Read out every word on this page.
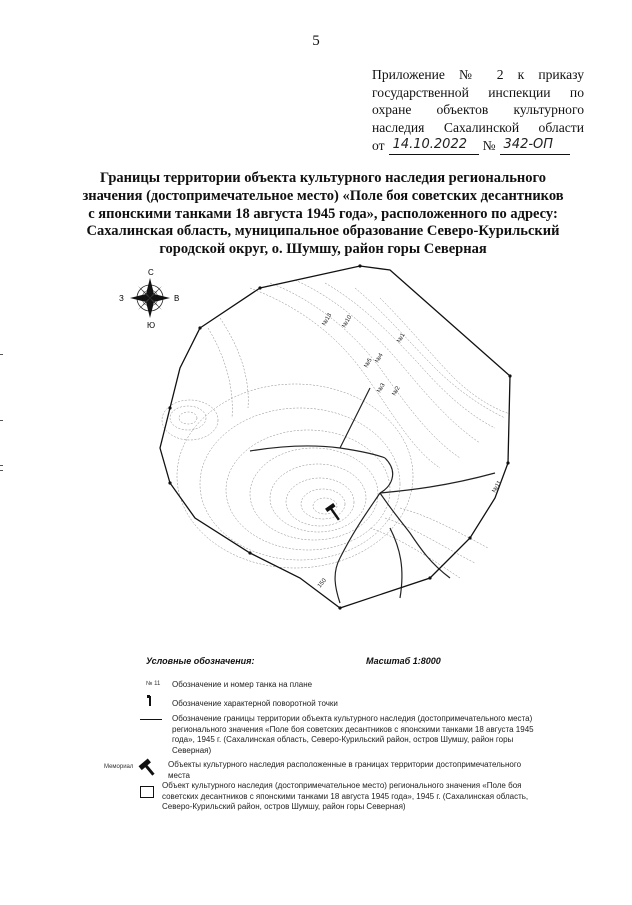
5
Приложение № 2 к приказу
государственной инспекции по
охране объектов культурного
наследия Сахалинской области
от 14.10.2022	№ 342-ОП
Границы территории объекта культурного наследия регионального
значения (достопримечательное место) «Поле боя советских десантников
с японскими танками 18 августа 1945 года», расположенного по адресу:
Сахалинская область, муниципальное образование Северо-Курильский
городской округ, о. Шумшу, район горы Северная
С
Ю
З	В
№13 №10
№5 №4
№3 №2
№1
№11
150
Условные обозначения:	Масштаб 1:8000
№ 11 Обозначение и номер танка на плане
Обозначение характерной поворотной точки
Обозначение границы территории объекта культурного наследия (достопримечательного места) регионального значения «Поле боя советских десантников с японскими танками 18 августа 1945 года», 1945 г. (Сахалинская область, Северо-Курильский район, остров Шумшу, район горы Северная)
Мемориал	Объекты культурного наследия расположенные в границах территории достопримечательного места
Объект культурного наследия (достопримечательное место) регионального значения «Поле боя советских десантников с японскими танками 18 августа 1945 года», 1945 г. (Сахалинская область, Северо-Курильский район, остров Шумшу, район горы Северная)
